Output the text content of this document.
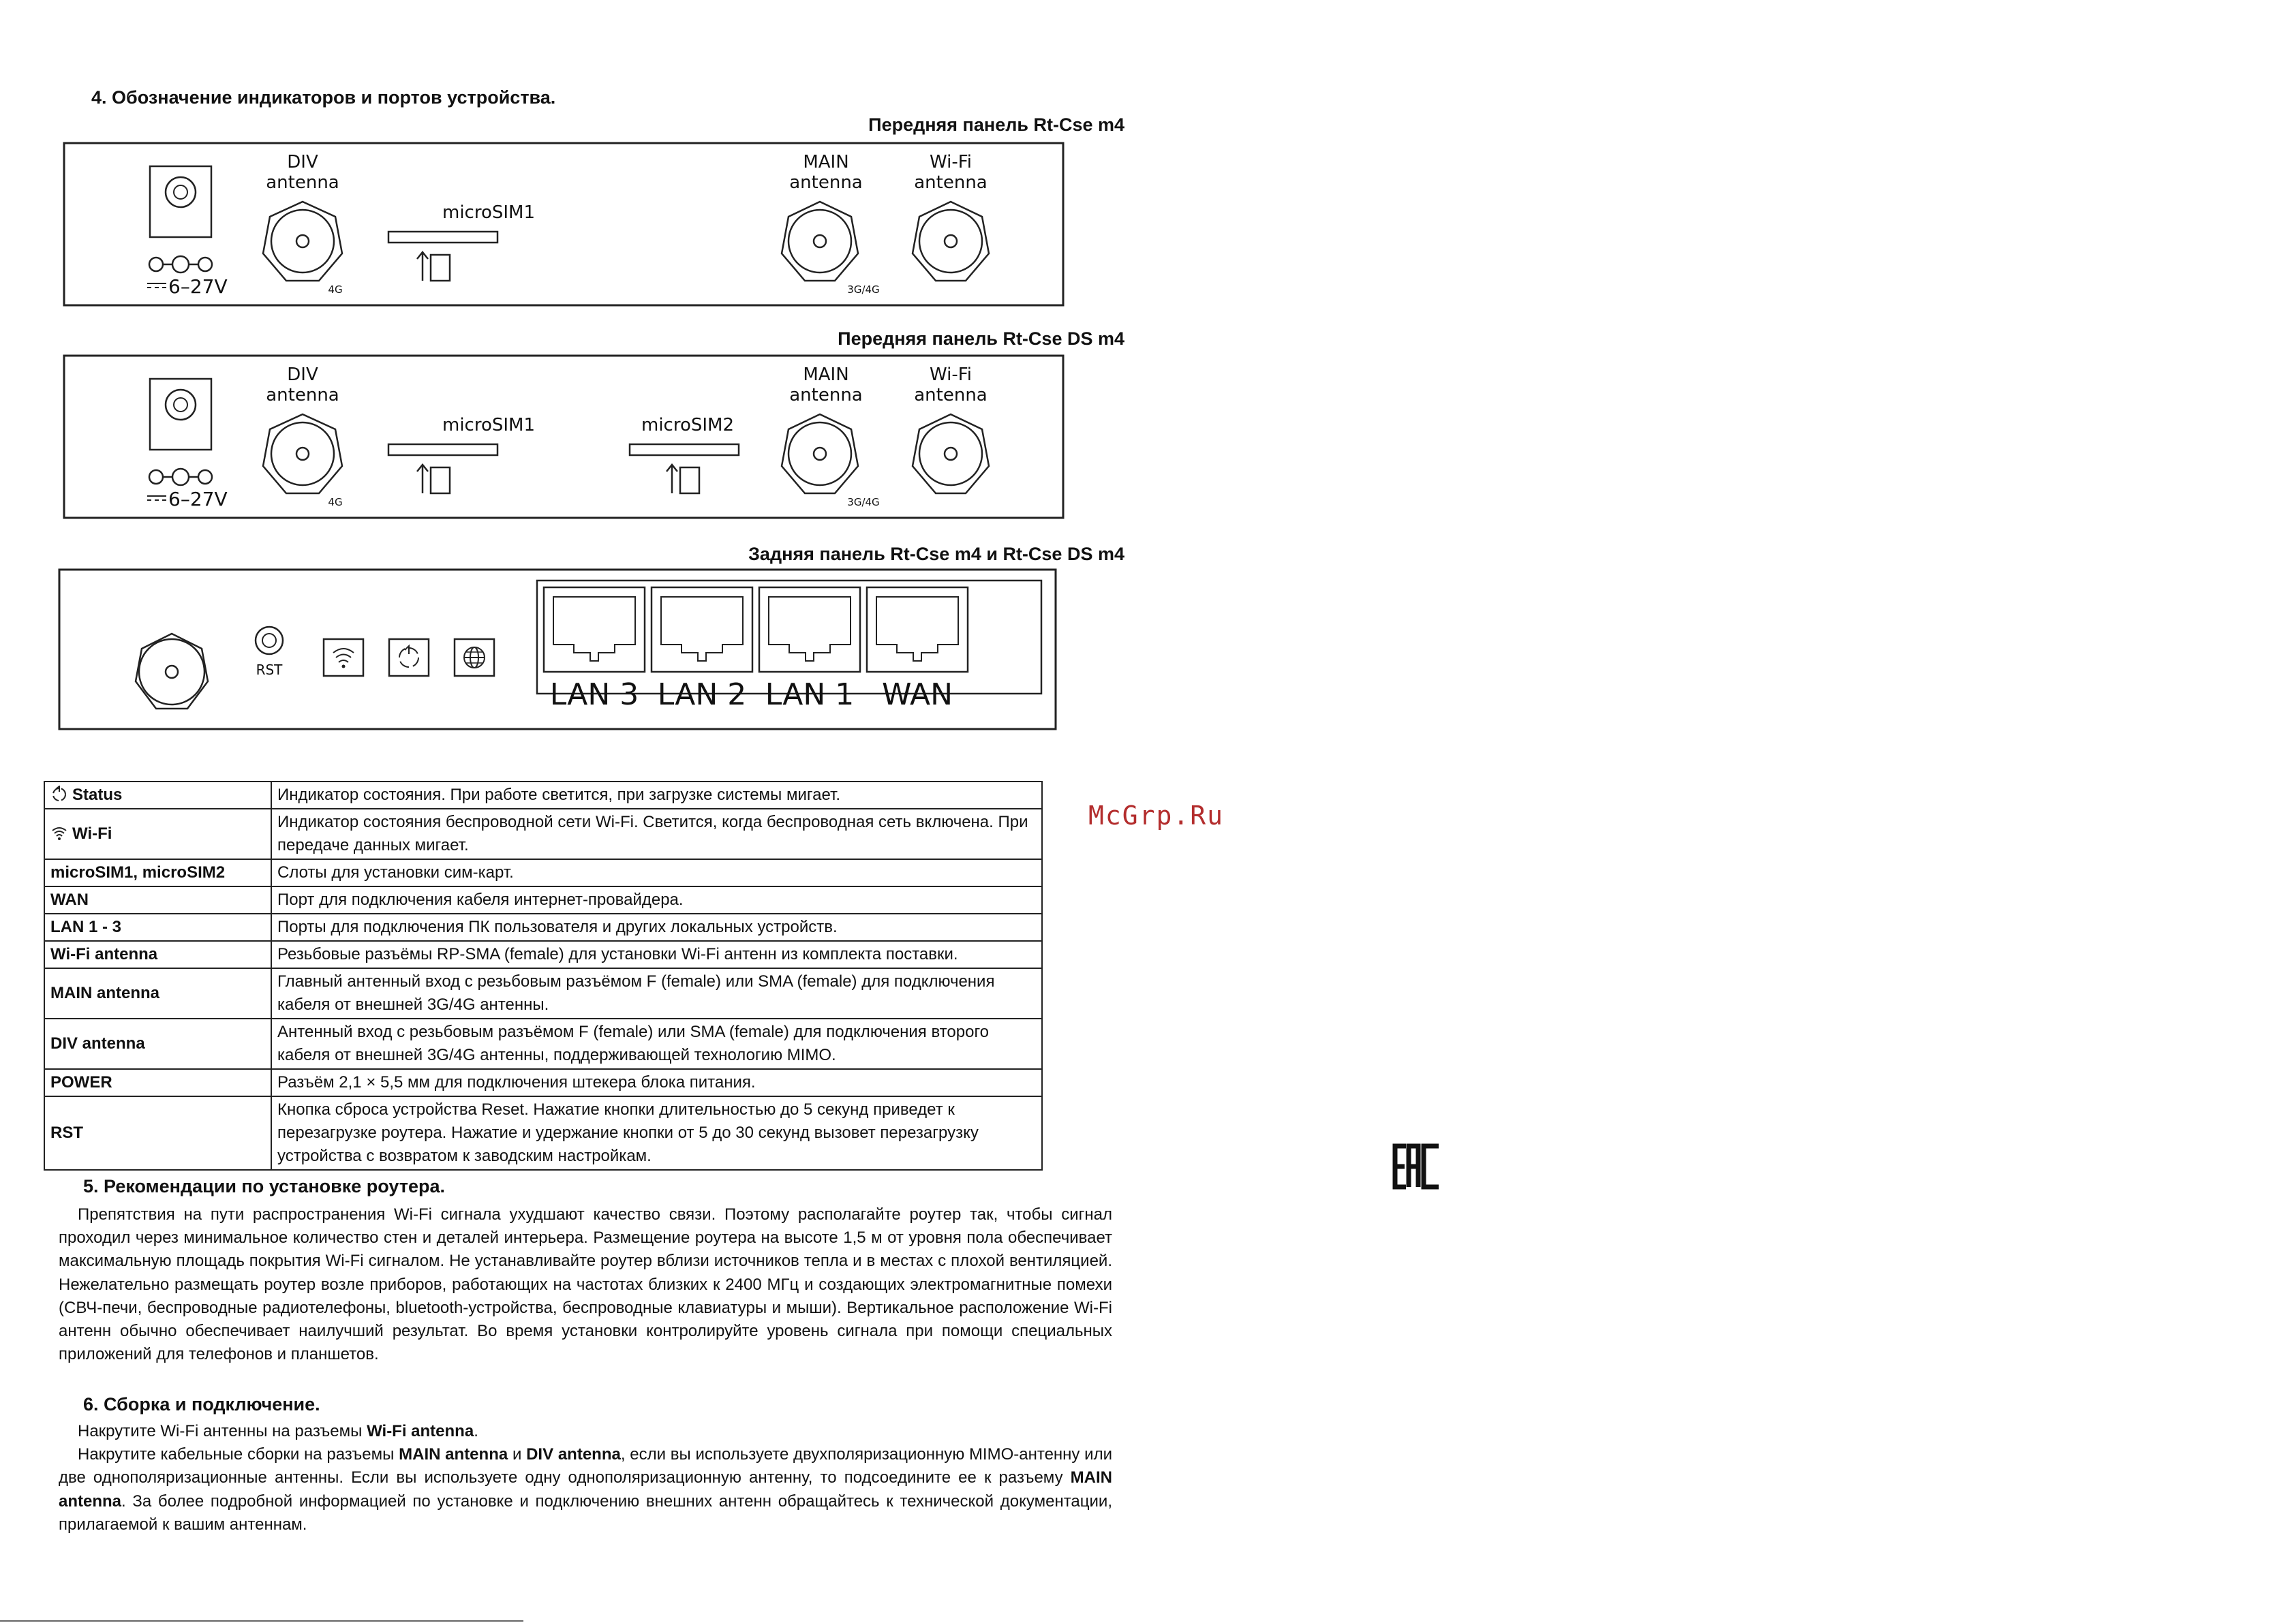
4. Обозначение индикаторов и портов устройства.
Передняя панель Rt-Cse m4
6–27V
DIV
antenna
4G
microSIM1
MAIN
antenna
3G/4G
Wi-Fi
antenna
Передняя панель Rt-Cse DS m4
6–27V
DIV
antenna
4G
microSIM1	microSIM2
MAIN
antenna
3G/4G
Wi-Fi
antenna
Задняя панель Rt-Cse m4 и Rt-Cse DS m4
RST
LAN 3 LAN 2 LAN 1 WAN
Status	Индикатор состояния. При работе светится, при загрузке системы мигает.
Wi-Fi	Индикатор состояния беспроводной сети Wi-Fi. Светится, когда беспроводная сеть включена. При передаче данных мигает.
microSIM1, microSIM2	Слоты для установки сим-карт.
WAN	Порт для подключения кабеля интернет-провайдера.
LAN 1 - 3	Порты для подключения ПК пользователя и других локальных устройств.
Wi-Fi antenna	Резьбовые разъёмы RP-SMA (female) для установки Wi-Fi антенн из комплекта поставки.
MAIN antenna	Главный антенный вход с резьбовым разъёмом F (female) или SMA (female) для подключения кабеля от внешней 3G/4G антенны.
DIV antenna	Антенный вход с резьбовым разъёмом F (female) или SMA (female) для подключения второго кабеля от внешней 3G/4G антенны, поддерживающей технологию MIMO.
POWER	Разъём 2,1 × 5,5 мм для подключения штекера блока питания.
RST	Кнопка сброса устройства Reset. Нажатие кнопки длительностью до 5 секунд приведет к перезагрузке роутера. Нажатие и удержание кнопки от 5 до 30 секунд вызовет перезагрузку устройства с возвратом к заводским настройкам.
McGrp.Ru
5. Рекомендации по установке роутера.

Препятствия на пути распространения Wi-Fi сигнала ухудшают качество связи. Поэтому располагайте роутер так, чтобы сигнал проходил через минимальное количество стен и деталей интерьера. Размещение роутера на высоте 1,5 м от уровня пола обеспечивает максимальную площадь покрытия Wi-Fi сигналом. Не устанавливайте роутер вблизи источников тепла и в местах с плохой вентиляцией. Нежелательно размещать роутер возле приборов, работающих на частотах близких к 2400 МГц и создающих электромагнитные помехи (СВЧ-печи, беспроводные радиотелефоны, bluetooth-устройства, беспроводные клавиатуры и мыши). Вертикальное расположение Wi-Fi антенн обычно обеспечивает наилучший результат. Во время установки контролируйте уровень сигнала при помощи специальных приложений для телефонов и планшетов.

6. Сборка и подключение.

Накрутите Wi-Fi антенны на разъемы Wi-Fi antenna.

Накрутите кабельные сборки на разъемы MAIN antenna и DIV antenna, если вы используете двухполяризационную MIMO-антенну или две однополяризационные антенны. Если вы используете одну однополяризационную антенну, то подсоедините ее к разъему MAIN antenna. За более подробной информацией по установке и подключению внешних антенн обращайтесь к технической документации, прилагаемой к вашим антеннам.
